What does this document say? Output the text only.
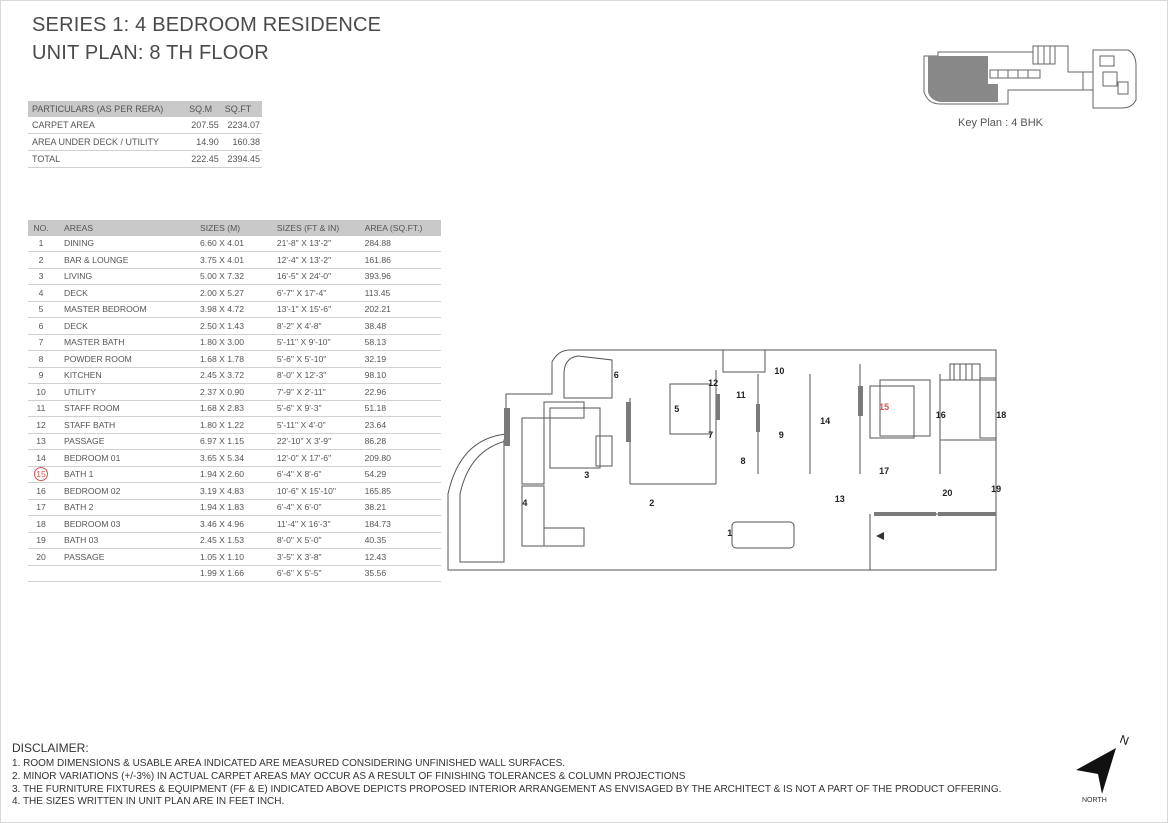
SERIES 1: 4 BEDROOM RESIDENCE
UNIT PLAN: 8 TH FLOOR
PARTICULARS (AS PER RERA)	SQ.M	SQ.FT
CARPET AREA	207.55	2234.07
AREA UNDER DECK / UTILITY	14.90	160.38
TOTAL	222.45	2394.45
NO.	AREAS	SIZES (M)	SIZES (FT & IN)	AREA (SQ.FT.)
1	DINING	6.60 X 4.01	21'-8" X 13'-2"	284.88
2	BAR & LOUNGE	3.75 X 4.01	12'-4" X 13'-2"	161.86
3	LIVING	5.00 X 7.32	16'-5" X 24'-0"	393.96
4	DECK	2.00 X 5.27	6'-7" X 17'-4"	113.45
5	MASTER BEDROOM	3.98 X 4.72	13'-1" X 15'-6"	202.21
6	DECK	2.50 X 1.43	8'-2" X 4'-8"	38.48
7	MASTER BATH	1.80 X 3.00	5'-11" X 9'-10"	58.13
8	POWDER ROOM	1.68 X 1.78	5'-6" X 5'-10"	32.19
9	KITCHEN	2.45 X 3.72	8'-0" X 12'-3"	98.10
10	UTILITY	2.37 X 0.90	7'-9" X 2'-11"	22.96
11	STAFF ROOM	1.68 X 2.83	5'-6" X 9'-3"	51.18
12	STAFF BATH	1.80 X 1.22	5'-11" X 4'-0"	23.64
13	PASSAGE	6.97 X 1.15	22'-10" X 3'-9"	86.28
14	BEDROOM 01	3.65 X 5.34	12'-0" X 17'-6"	209.80
15	BATH 1	1.94 X 2.60	6'-4" X 8'-6"	54.29
16	BEDROOM 02	3.19 X 4.83	10'-6" X 15'-10"	165.85
17	BATH 2	1.94 X 1.83	6'-4" X 6'-0"	38.21
18	BEDROOM 03	3.46 X 4.96	11'-4" X 16'-3"	184.73
19	BATH 03	2.45 X 1.53	8'-0" X 5'-0"	40.35
20	PASSAGE	1.05 X 1.10	3'-5" X 3'-8"	12.43
		1.99 X 1.66	6'-6" X 5'-5"	35.56
Key Plan : 4 BHK
1
2
3
4
5
6
7
8
9
10
11
12
13
14
15
16
17
18
19
20
DISCLAIMER:
1. ROOM DIMENSIONS & USABLE AREA INDICATED ARE MEASURED CONSIDERING UNFINISHED WALL SURFACES.
2. MINOR VARIATIONS (+/-3%) IN ACTUAL CARPET AREAS MAY OCCUR AS A RESULT OF FINISHING TOLERANCES & COLUMN PROJECTIONS
3. THE FURNITURE FIXTURES & EQUIPMENT (FF & E) INDICATED ABOVE DEPICTS PROPOSED INTERIOR ARRANGEMENT AS ENVISAGED BY THE ARCHITECT & IS NOT A PART OF THE PRODUCT OFFERING.
4. THE SIZES WRITTEN IN UNIT PLAN ARE IN FEET INCH.
N
NORTH
